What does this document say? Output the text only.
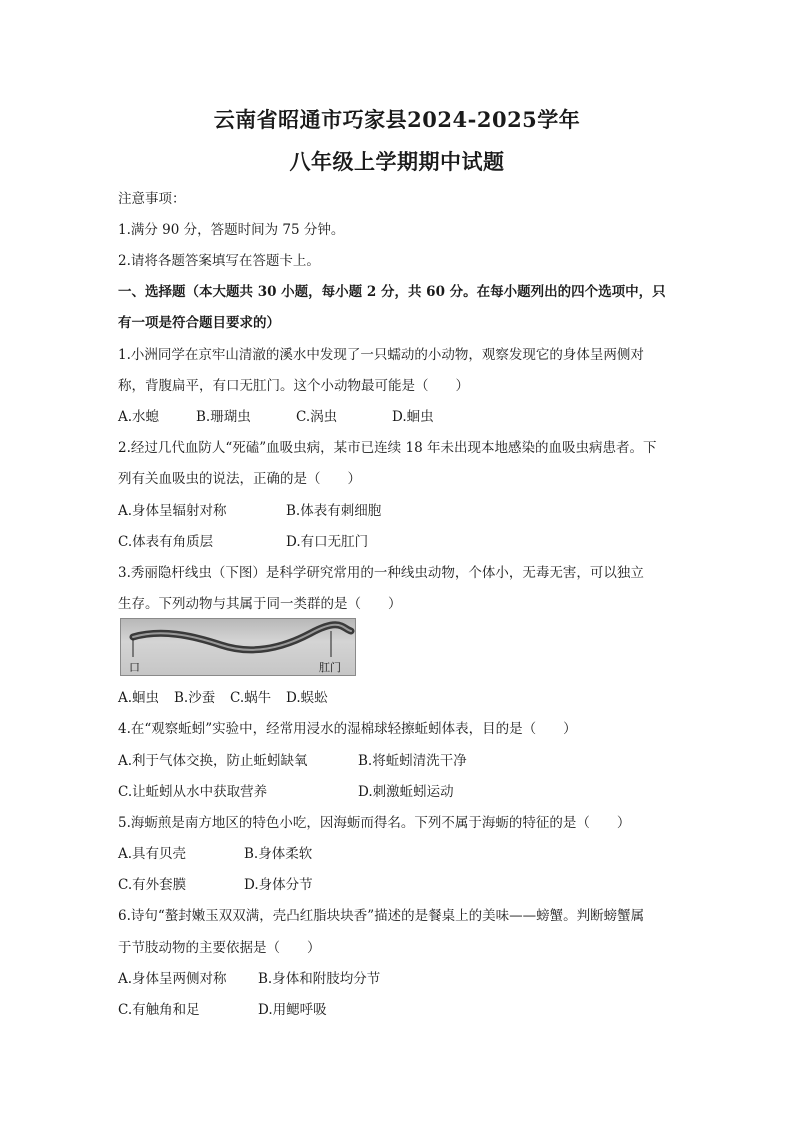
云南省昭通市巧家县2024-2025学年
八年级上学期期中试题
注意事项：
1.满分 90 分，答题时间为 75 分钟。
2.请将各题答案填写在答题卡上。
一、选择题（本大题共 30 小题，每小题 2 分，共 60 分。在每小题列出的四个选项中，只
有一项是符合题目要求的）
1.小洲同学在京牢山清澈的溪水中发现了一只蠕动的小动物，观察发现它的身体呈两侧对
称，背腹扁平，有口无肛门。这个小动物最可能是（　　）
A.水螅	B.珊瑚虫	C.涡虫	D.蛔虫
2.经过几代血防人“死磕”血吸虫病，某市已连续 18 年未出现本地感染的血吸虫病患者。下
列有关血吸虫的说法，正确的是（　　）
A.身体呈辐射对称	B.体表有刺细胞
C.体表有角质层	D.有口无肛门
3.秀丽隐杆线虫（下图）是科学研究常用的一种线虫动物，个体小，无毒无害，可以独立
生存。下列动物与其属于同一类群的是（　　）
口	肛门
A.蛔虫 B.沙蚕 C.蜗牛 D.蜈蚣
4.在“观察蚯蚓”实验中，经常用浸水的湿棉球轻擦蚯蚓体表，目的是（　　）
A.利于气体交换，防止蚯蚓缺氧	B.将蚯蚓清洗干净
C.让蚯蚓从水中获取营养	D.刺激蚯蚓运动
5.海蛎煎是南方地区的特色小吃，因海蛎而得名。下列不属于海蛎的特征的是（　　）
A.具有贝壳	B.身体柔软
C.有外套膜	D.身体分节
6.诗句“螯封嫩玉双双满，壳凸红脂块块香”描述的是餐桌上的美味——螃蟹。判断螃蟹属
于节肢动物的主要依据是（　　）
A.身体呈两侧对称 B.身体和附肢均分节
C.有触角和足	D.用鳃呼吸
